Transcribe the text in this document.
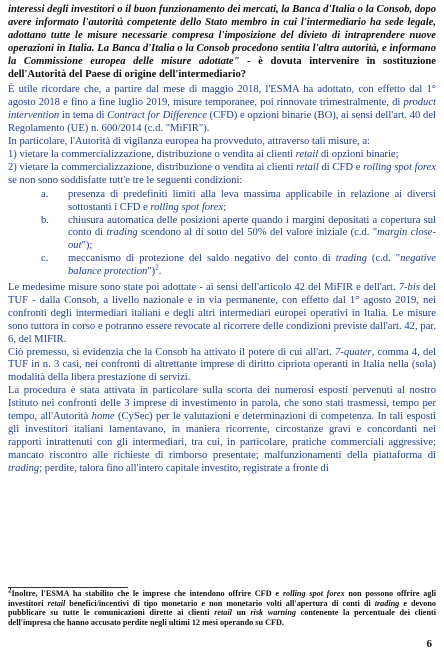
interessi degli investitori o il buon funzionamento dei mercati, la Banca d'Italia o la Consob, dopo avere informato l'autorità competente dello Stato membro in cui l'intermediario ha sede legale, adottano tutte le misure necessarie compresa l'imposizione del divieto di intraprendere nuove operazioni in Italia. La Banca d'Italia o la Consob procedono sentita l'altra autorità, e informano la Commissione europea delle misure adottate" - è dovuta intervenire in sostituzione dell'Autorità del Paese di origine dell'intermediario?

È utile ricordare che, a partire dal mese di maggio 2018, l'ESMA ha adottato, con effetto dal 1° agosto 2018 e fino a fine luglio 2019, misure temporanee, poi rinnovate trimestralmente, di product intervention in tema di Contract for Difference (CFD) e opzioni binarie (BO), ai sensi dell'art. 40 del Regolamento (UE) n. 600/2014 (c.d. "MiFIR").

In particolare, l'Autorità di vigilanza europea ha provveduto, attraverso tali misure, a:

1) vietare la commercializzazione, distribuzione o vendita ai clienti retail di opzioni binarie;

2) vietare la commercializzazione, distribuzione o vendita ai clienti retail di CFD e rolling spot forex se non sono soddisfatte tutt'e tre le seguenti condizioni:

a. presenza di predefiniti limiti alla leva massima applicabile in relazione ai diversi sottostanti i CFD e rolling spot forex;
b. chiusura automatica delle posizioni aperte quando i margini depositati a copertura sul conto di trading scendono al di sotto del 50% del valore iniziale (c.d. "margin close-out");
c. meccanismo di protezione del saldo negativo del conto di trading (c.d. "negative balance protection")$^2$.

Le medesime misure sono state poi adottate - ai sensi dell'articolo 42 del MiFIR e dell'art. 7-bis del TUF - dalla Consob, a livello nazionale e in via permanente, con effetto dal 1° agosto 2019, nei confronti degli intermediari italiani e degli altri intermediari europei operativi in Italia. Le misure sono tuttora in corso e potranno essere revocate al ricorrere delle condizioni previste dall'art. 42, par. 6, del MIFIR.

Ciò premesso, si evidenzia che la Consob ha attivato il potere di cui all'art. 7-quater, comma 4, del TUF in n. 3 casi, nei confronti di altrettante imprese di diritto cipriota operanti in Italia nella (sola) modalità della libera prestazione di servizi.

La procedura è stata attivata in particolare sulla scorta dei numerosi esposti pervenuti al nostro Istituto nei confronti delle 3 imprese di investimento in parola, che sono stati trasmessi, tempo per tempo, all'Autorità home (CySec) per le valutazioni e determinazioni di competenza. In tali esposti gli investitori italiani lamentavano, in maniera ricorrente, circostanze gravi e concordanti nei rapporti intrattenuti con gli intermediari, tra cui, in particolare, pratiche commerciali aggressive; mancato riscontro alle richieste di rimborso presentate; malfunzionamenti della piattaforma di trading; perdite, talora fino all'intero capitale investito, registrate a fronte di

$^2$Inoltre, l'ESMA ha stabilito che le imprese che intendono offrire CFD e rolling spot forex non possono offrire agli investitori retail benefici/incentivi di tipo monetario e non monetario volti all'apertura di conti di trading e devono pubblicare su tutte le comunicazioni dirette ai clienti retail un risk warning contenente la percentuale dei clienti dell'impresa che hanno accusato perdite negli ultimi 12 mesi operando su CFD.
6
